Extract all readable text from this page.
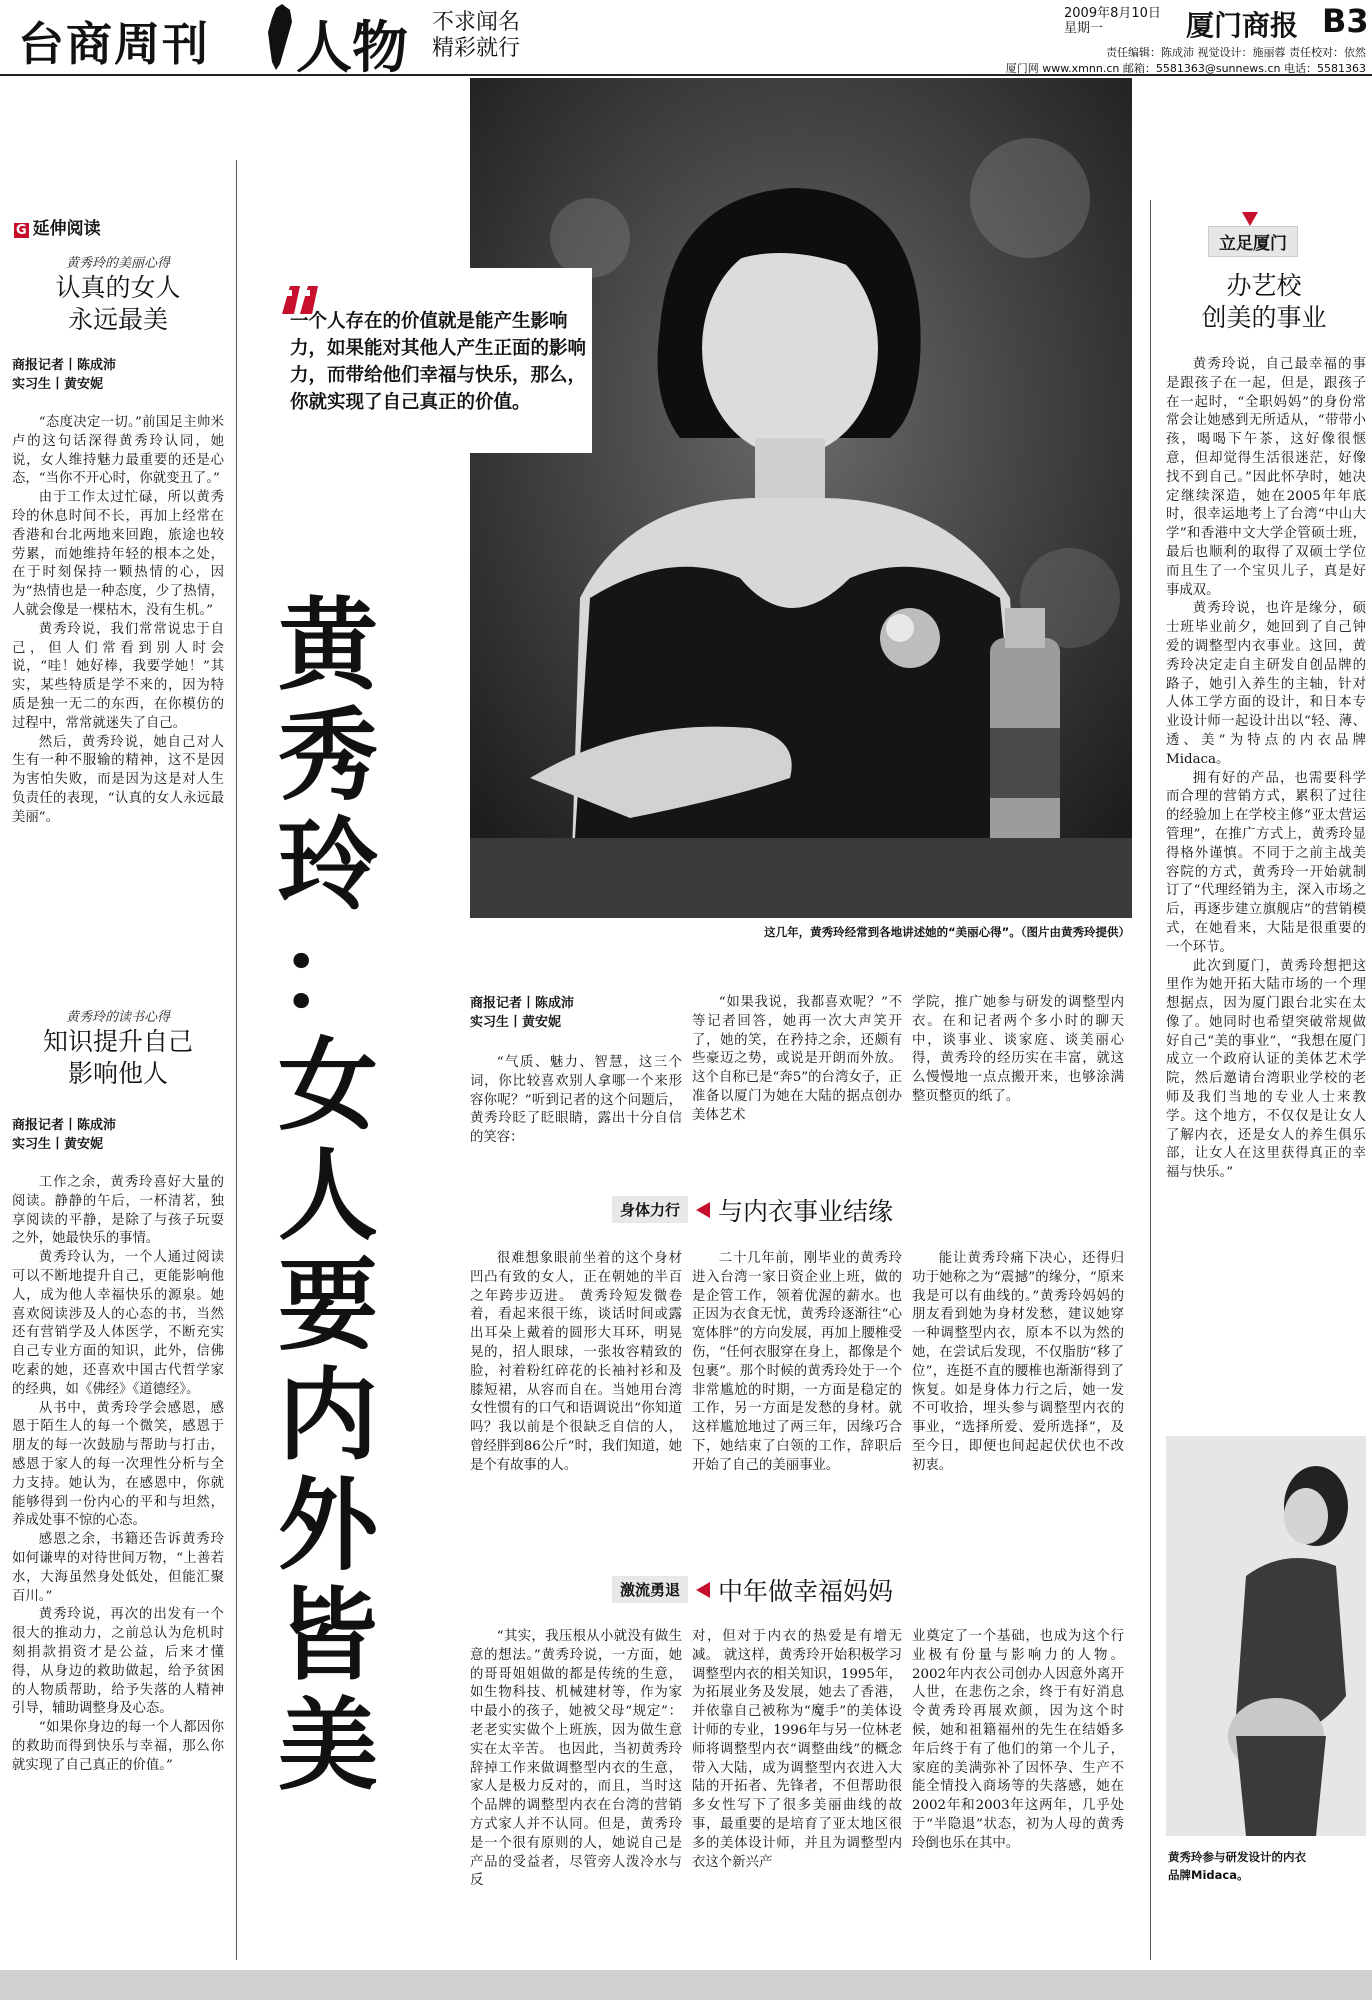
台商周刊 人物 不求闻名
精彩就行
2009年8月10日
星期一	厦门商报 B3
责任编辑：陈成沛 视觉设计：施丽蓉 责任校对：依然
厦门网 www.xmnn.cn 邮箱：5581363@sunnews.cn 电话：5581363
G 延伸阅读
黄秀玲的美丽心得
认真的女人
永远最美
商报记者丨陈成沛
实习生丨黄安妮

“态度决定一切。”前国足主帅米卢的这句话深得黄秀玲认同，她说，女人维持魅力最重要的还是心态，“当你不开心时，你就变丑了。”

由于工作太过忙碌，所以黄秀玲的休息时间不长，再加上经常在香港和台北两地来回跑，旅途也较劳累，而她维持年轻的根本之处，在于时刻保持一颗热情的心，因为“热情也是一种态度，少了热情，人就会像是一棵枯木，没有生机。”

黄秀玲说，我们常常说忠于自己，但人们常看到别人时会说，“哇！她好棒，我要学她！”其实，某些特质是学不来的，因为特质是独一无二的东西，在你模仿的过程中，常常就迷失了自己。

然后，黄秀玲说，她自己对人生有一种不服输的精神，这不是因为害怕失败，而是因为这是对人生负责任的表现，“认真的女人永远最美丽”。

黄秀玲的读书心得
知识提升自己
影响他人
商报记者丨陈成沛
实习生丨黄安妮

工作之余，黄秀玲喜好大量的阅读。静静的午后，一杯清茗，独享阅读的平静，是除了与孩子玩耍之外，她最快乐的事情。

黄秀玲认为，一个人通过阅读可以不断地提升自己，更能影响他人，成为他人幸福快乐的源泉。她喜欢阅读涉及人的心态的书，当然还有营销学及人体医学，不断充实自己专业方面的知识，此外，信佛吃素的她，还喜欢中国古代哲学家的经典，如《佛经》《道德经》。

从书中，黄秀玲学会感恩，感恩于陌生人的每一个微笑，感恩于朋友的每一次鼓励与帮助与打击，感恩于家人的每一次理性分析与全力支持。她认为，在感恩中，你就能够得到一份内心的平和与坦然，养成处事不惊的心态。

感恩之余，书籍还告诉黄秀玲如何谦卑的对待世间万物，“上善若水，大海虽然身处低处，但能汇聚百川。”

黄秀玲说，再次的出发有一个很大的推动力，之前总认为危机时刻捐款捐资才是公益，后来才懂得，从身边的救助做起，给予贫困的人物质帮助，给予失落的人精神引导，辅助调整身及心态。

“如果你身边的每一个人都因你的救助而得到快乐与幸福，那么你就实现了自己真正的价值。”

这几年，黄秀玲经常到各地讲述她的“美丽心得”。（图片由黄秀玲提供）
一个人存在的价值就是能产生影响力，如果能对其他人产生正面的影响力，而带给他们幸福与快乐，那么，你就实现了自己真正的价值。
黄
秀
玲
：
女
人
要
内
外
皆
美
商报记者丨陈成沛
实习生丨黄安妮
“气质、魅力、智慧，这三个词，你比较喜欢别人拿哪一个来形容你呢？”听到记者的这个问题后，黄秀玲眨了眨眼睛，露出十分自信的笑容：
“如果我说，我都喜欢呢？”不等记者回答，她再一次大声笑开了，她的笑，在矜持之余，还颇有些豪迈之势，或说是开朗而外放。 这个自称已是“奔5”的台湾女子，正准备以厦门为她在大陆的据点创办美体艺术
学院，推广她参与研发的调整型内衣。在和记者两个多小时的聊天中，谈事业、谈家庭、谈美丽心得，黄秀玲的经历实在丰富，就这么慢慢地一点点搬开来，也够涂满整页整页的纸了。
身体力行 与内衣事业结缘
很难想象眼前坐着的这个身材凹凸有致的女人，正在朝她的半百之年跨步迈进。 黄秀玲短发微卷着，看起来很干练，谈话时间或露出耳朵上戴着的圆形大耳环，明晃晃的，招人眼球，一张妆容精致的脸，衬着粉红碎花的长袖衬衫和及膝短裙，从容而自在。当她用台湾女性惯有的口气和语调说出“你知道吗？我以前是个很缺乏自信的人，曾经胖到86公斤”时，我们知道，她是个有故事的人。
二十几年前，刚毕业的黄秀玲进入台湾一家日资企业上班，做的是企管工作，领着优渥的薪水。也正因为衣食无忧，黄秀玲逐渐往“心宽体胖”的方向发展，再加上腰椎受伤，“任何衣服穿在身上，都像是个包裹”。那个时候的黄秀玲处于一个非常尴尬的时期，一方面是稳定的工作，另一方面是发愁的身材。就这样尴尬地过了两三年，因缘巧合下，她结束了白领的工作，辞职后开始了自己的美丽事业。
能让黄秀玲痛下决心，还得归功于她称之为“震撼”的缘分，“原来我是可以有曲线的。”黄秀玲妈妈的朋友看到她为身材发愁，建议她穿一种调整型内衣，原本不以为然的她，在尝试后发现，不仅脂肪“移了位”，连挺不直的腰椎也渐渐得到了恢复。如是身体力行之后，她一发不可收拾，埋头参与调整型内衣的事业，“选择所爱、爱所选择”，及至今日，即便也间起起伏伏也不改初衷。
激流勇退 中年做幸福妈妈
“其实，我压根从小就没有做生意的想法。”黄秀玲说，一方面，她的哥哥姐姐做的都是传统的生意，如生物科技、机械建材等，作为家中最小的孩子，她被父母“规定”：老老实实做个上班族，因为做生意实在太辛苦。 也因此，当初黄秀玲辞掉工作来做调整型内衣的生意，家人是极力反对的，而且，当时这个品牌的调整型内衣在台湾的营销方式家人并不认同。但是，黄秀玲是一个很有原则的人，她说自己是产品的受益者，尽管旁人泼冷水与反
对，但对于内衣的热爱是有增无减。 就这样，黄秀玲开始积极学习调整型内衣的相关知识，1995年，为拓展业务及发展，她去了香港，并依靠自己被称为“魔手”的美体设计师的专业，1996年与另一位林老师将调整型内衣“调整曲线”的概念带入大陆，成为调整型内衣进入大陆的开拓者、先锋者，不但帮助很多女性写下了很多美丽曲线的故事，最重要的是培育了亚太地区很多的美体设计师，并且为调整型内衣这个新兴产
业奠定了一个基础，也成为这个行业极有份量与影响力的人物。 2002年内衣公司创办人因意外离开人世，在悲伤之余，终于有好消息令黄秀玲再展欢颜，因为这个时候，她和祖籍福州的先生在结婚多年后终于有了他们的第一个儿子，家庭的美满弥补了因怀孕、生产不能全情投入商场等的失落感，她在2002年和2003年这两年，几乎处于“半隐退”状态，初为人母的黄秀玲倒也乐在其中。
立足厦门
办艺校
创美的事业

黄秀玲说，自己最幸福的事是跟孩子在一起，但是，跟孩子在一起时，“全职妈妈”的身份常常会让她感到无所适从，“带带小孩，喝喝下午茶，这好像很惬意，但却觉得生活很迷茫，好像找不到自己。”因此怀孕时，她决定继续深造，她在2005年年底时，很幸运地考上了台湾“中山大学”和香港中文大学企管硕士班，最后也顺利的取得了双硕士学位而且生了一个宝贝儿子，真是好事成双。

黄秀玲说，也许是缘分，硕士班毕业前夕，她回到了自己钟爱的调整型内衣事业。这回，黄秀玲决定走自主研发自创品牌的路子，她引入养生的主轴，针对人体工学方面的设计，和日本专业设计师一起设计出以“轻、薄、透、美”为特点的内衣品牌Midaca。

拥有好的产品，也需要科学而合理的营销方式，累积了过往的经验加上在学校主修“亚太营运管理”，在推广方式上，黄秀玲显得格外谨慎。不同于之前主战美容院的方式，黄秀玲一开始就制订了“代理经销为主，深入市场之后，再逐步建立旗舰店”的营销模式，在她看来，大陆是很重要的一个环节。

此次到厦门，黄秀玲想把这里作为她开拓大陆市场的一个理想据点，因为厦门跟台北实在太像了。她同时也希望突破常规做好自己“美的事业”，“我想在厦门成立一个政府认证的美体艺术学院，然后邀请台湾职业学校的老师及我们当地的专业人士来教学。这个地方，不仅仅是让女人了解内衣，还是女人的养生俱乐部，让女人在这里获得真正的幸福与快乐。”

黄秀玲参与研发设计的内衣
品牌Midaca。
